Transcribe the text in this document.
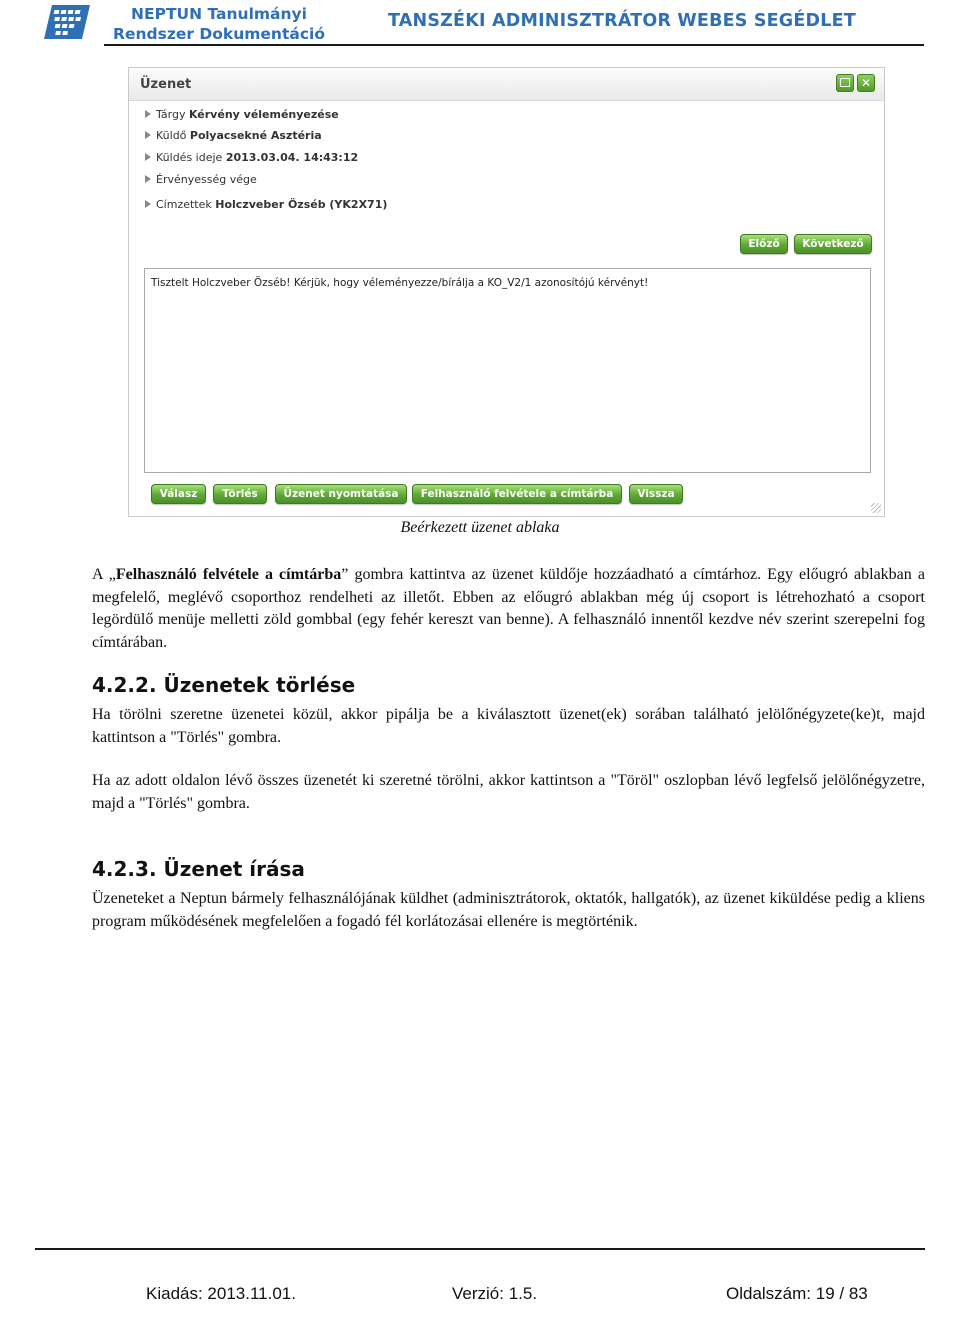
NEPTUN Tanulmányi
Rendszer Dokumentáció
TANSZÉKI ADMINISZTRÁTOR WEBES SEGÉDLET
Üzenet	✕
Tárgy Kérvény véleményezése
Küldő Polyacsekné Asztéria
Küldés ideje 2013.03.04. 14:43:12
Érvényesség vége
Címzettek Holczveber Özséb (YK2X71)
Előző	Következő
Tisztelt Holczveber Özséb! Kérjük, hogy véleményezze/bírálja a KO_V2/1 azonosítójú kérvényt!
Válasz	Törlés	Üzenet nyomtatása	Felhasználó felvétele a címtárba	Vissza
Beérkezett üzenet ablaka
A „Felhasználó felvétele a címtárba” gombra kattintva az üzenet küldője hozzáadható a címtárhoz. Egy előugró ablakban a megfelelő, meglévő csoporthoz rendelheti az illetőt. Ebben az előugró ablakban még új csoport is létrehozható a csoport legördülő menüje melletti zöld gombbal (egy fehér kereszt van benne). A felhasználó innentől kezdve név szerint szerepelni fog címtárában.
4.2.2. Üzenetek törlése
Ha törölni szeretne üzenetei közül, akkor pipálja be a kiválasztott üzenet(ek) sorában található jelölőnégyzete(ke)t, majd kattintson a "Törlés" gombra.
Ha az adott oldalon lévő összes üzenetét ki szeretné törölni, akkor kattintson a "Töröl" oszlopban lévő legfelső jelölőnégyzetre, majd a "Törlés" gombra.
4.2.3. Üzenet írása
Üzeneteket a Neptun bármely felhasználójának küldhet (adminisztrátorok, oktatók, hallgatók), az üzenet kiküldése pedig a kliens program működésének megfelelően a fogadó fél korlátozásai ellenére is megtörténik.
Kiadás: 2013.11.01.	Verzió: 1.5.	Oldalszám: 19 / 83
